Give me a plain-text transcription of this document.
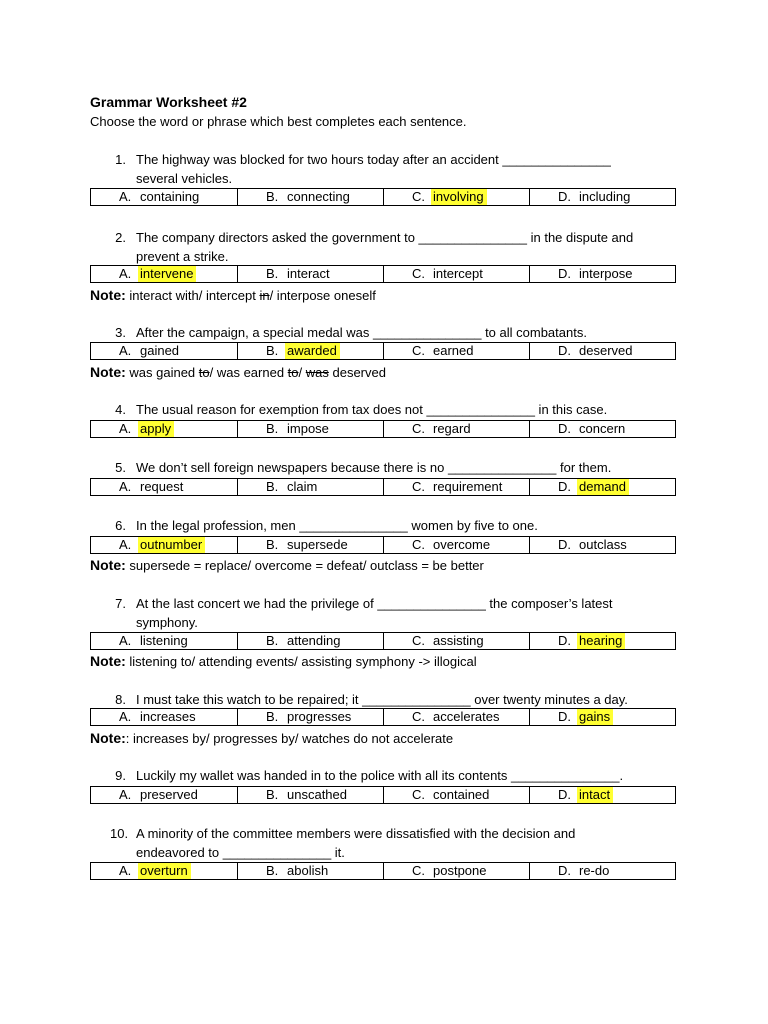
Grammar Worksheet #2
Choose the word or phrase which best completes each sentence.
1. The highway was blocked for two hours today after an accident _______________
several vehicles.
A. containing	B. connecting	C. involving	D. including
2. The company directors asked the government to _______________ in the dispute and
prevent a strike.
A. intervene	B. interact	C. intercept	D. interpose
Note: interact with/ intercept in/ interpose oneself
3. After the campaign, a special medal was _______________ to all combatants.
A. gained	B. awarded	C. earned	D. deserved
Note: was gained to/ was earned to/ was deserved
4. The usual reason for exemption from tax does not _______________ in this case.
A. apply	B. impose	C. regard	D. concern
5. We don’t sell foreign newspapers because there is no _______________ for them.
A. request	B. claim	C. requirement	D. demand
6. In the legal profession, men _______________ women by five to one.
A. outnumber	B. supersede	C. overcome	D. outclass
Note: supersede = replace/ overcome = defeat/ outclass = be better
7. At the last concert we had the privilege of _______________ the composer’s latest
symphony.
A. listening	B. attending	C. assisting	D. hearing
Note: listening to/ attending events/ assisting symphony -> illogical
8. I must take this watch to be repaired; it _______________ over twenty minutes a day.
A. increases	B. progresses	C. accelerates	D. gains
Note:: increases by/ progresses by/ watches do not accelerate
9. Luckily my wallet was handed in to the police with all its contents _______________.
A. preserved	B. unscathed	C. contained	D. intact
10. A minority of the committee members were dissatisfied with the decision and
endeavored to _______________ it.
A. overturn	B. abolish	C. postpone	D. re-do
